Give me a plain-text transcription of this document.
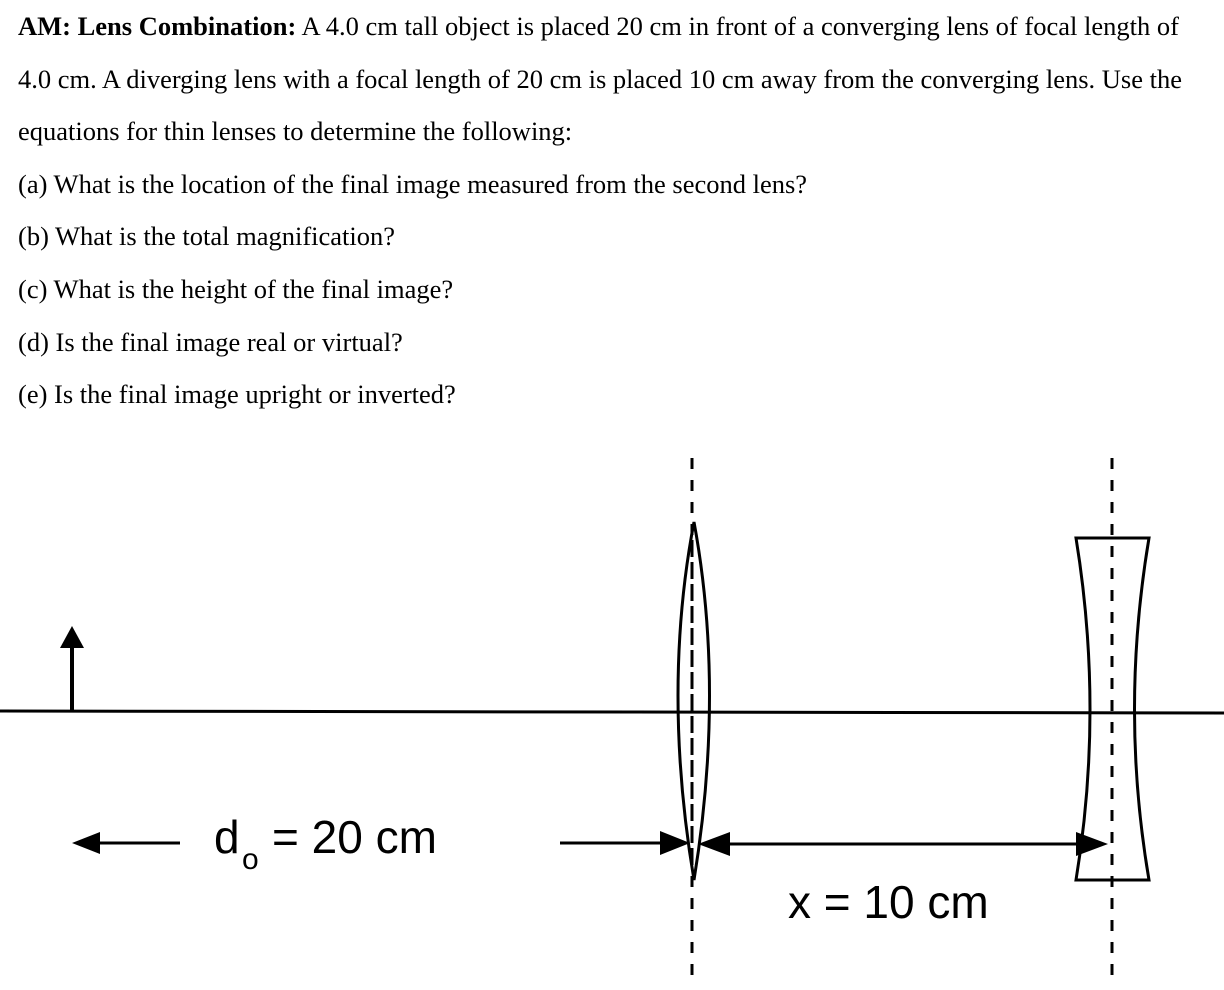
AM: Lens Combination: A 4.0 cm tall object is placed 20 cm in front of a converging lens of focal length of 4.0 cm. A diverging lens with a focal length of 20 cm is placed 10 cm away from the converging lens. Use the equations for thin lenses to determine the following:

(a) What is the location of the final image measured from the second lens?

(b) What is the total magnification?

(c) What is the height of the final image?

(d) Is the final image real or virtual?

(e) Is the final image upright or inverted?

d o = 20 cm
x = 10 cm
